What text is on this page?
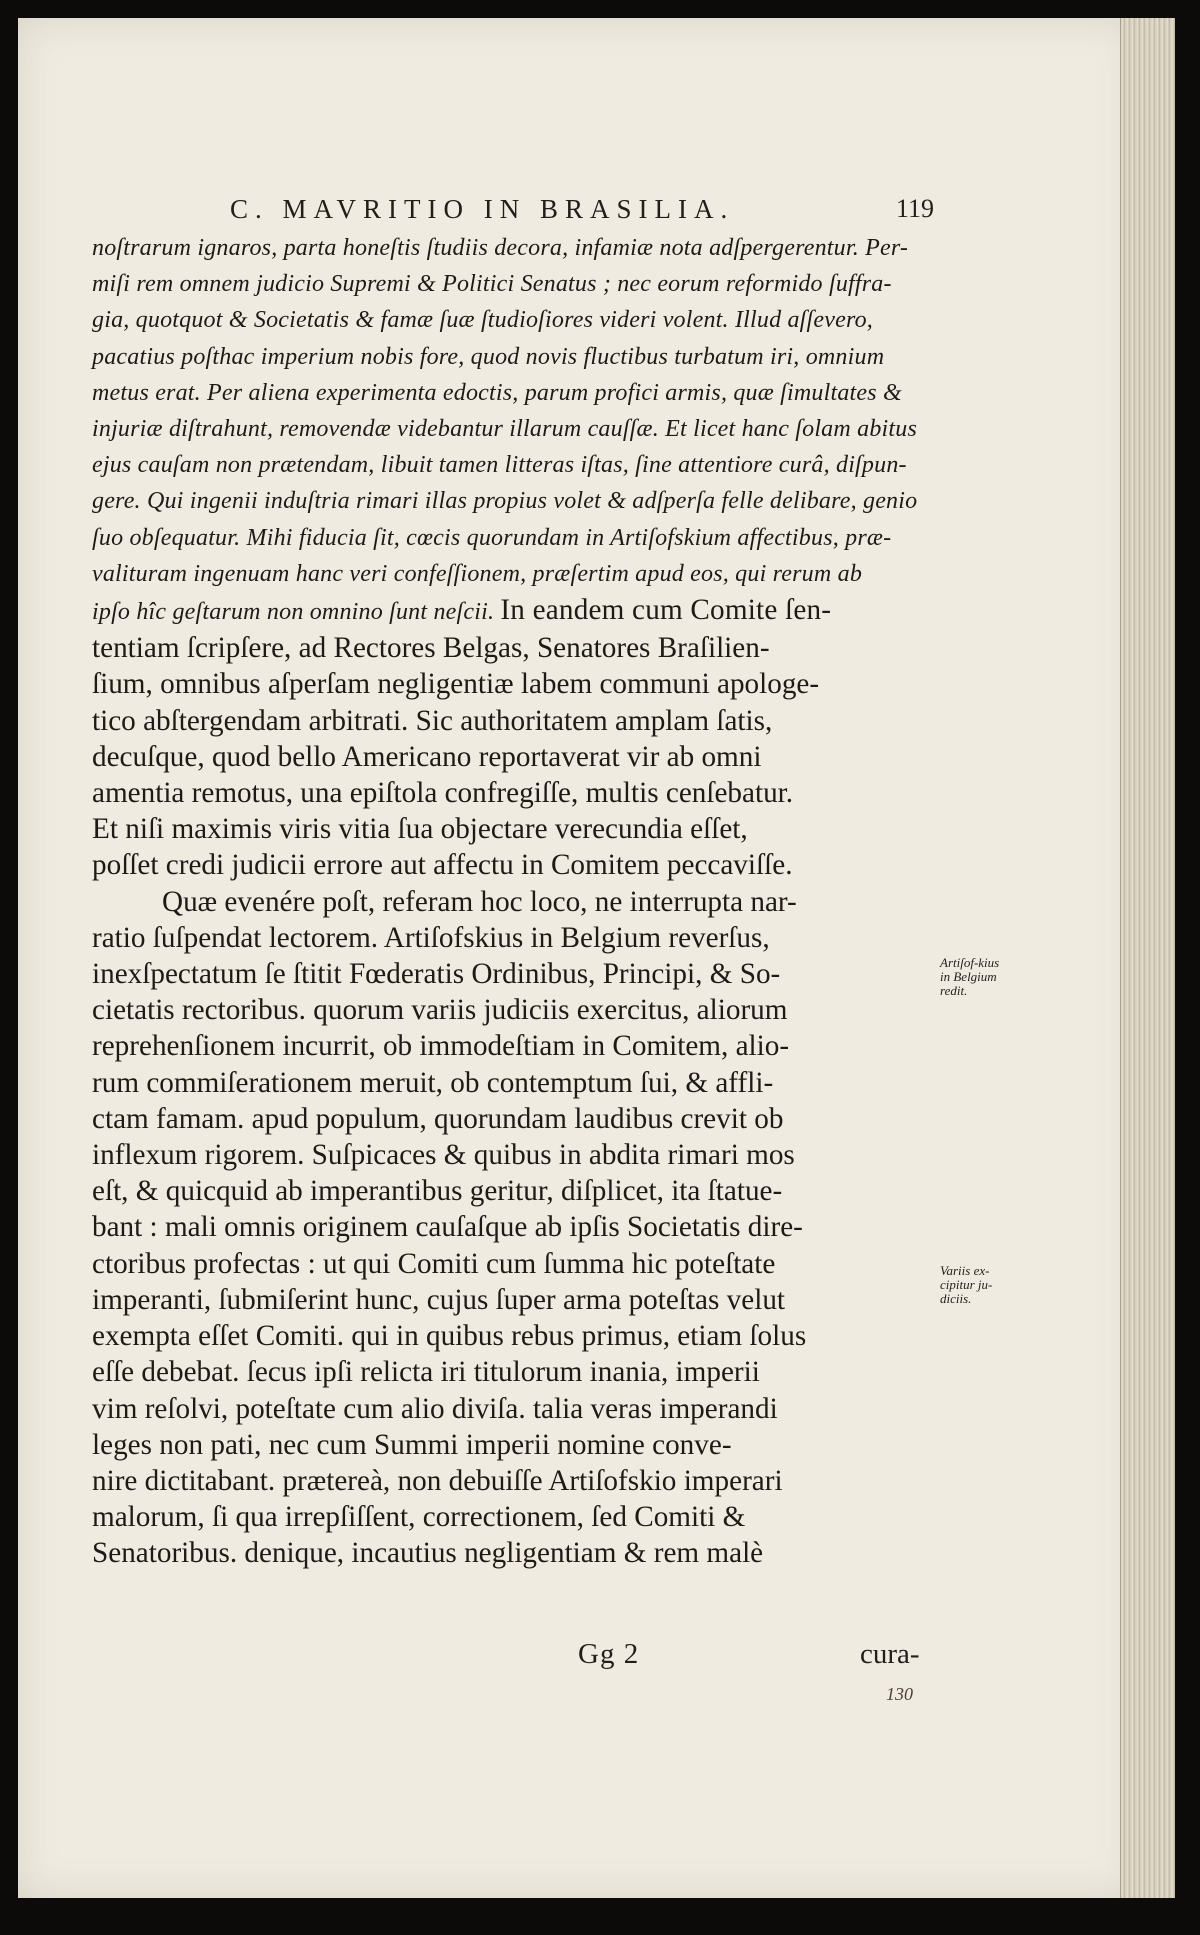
C. MAVRITIO IN BRASILIA.	119
noſtrarum ignaros, parta honeſtis ſtudiis decora, infamiæ nota adſpergerentur. Per-
miſi rem omnem judicio Supremi & Politici Senatus ; nec eorum reformido ſuffra-
gia, quotquot & Societatis & famæ ſuæ ſtudioſiores videri volent. Illud aſſevero,
pacatius poſthac imperium nobis fore, quod novis fluctibus turbatum iri, omnium
metus erat. Per aliena experimenta edoctis, parum profici armis, quæ ſimultates &
injuriæ diſtrahunt, removendæ videbantur illarum cauſſæ. Et licet hanc ſolam abitus
ejus cauſam non prætendam, libuit tamen litteras iſtas, ſine attentiore curâ, diſpun-
gere. Qui ingenii induſtria rimari illas propius volet & adſperſa felle delibare, genio
ſuo obſequatur. Mihi fiducia ſit, cœcis quorundam in Artiſofskium affectibus, præ-
valituram ingenuam hanc veri confeſſionem, præſertim apud eos, qui rerum ab
ipſo hîc geſtarum non omnino ſunt neſcii. In eandem cum Comite ſen-
tentiam ſcripſere, ad Rectores Belgas, Senatores Braſilien-
ſium, omnibus aſperſam negligentiæ labem communi apologe-
tico abſtergendam arbitrati. Sic authoritatem amplam ſatis,
decuſque, quod bello Americano reportaverat vir ab omni
amentia remotus, una epiſtola confregiſſe, multis cenſebatur.
Et niſi maximis viris vitia ſua objectare verecundia eſſet,
poſſet credi judicii errore aut affectu in Comitem peccaviſſe.
Quæ evenére poſt, referam hoc loco, ne interrupta nar-
ratio ſuſpendat lectorem. Artiſofskius in Belgium reverſus,
inexſpectatum ſe ſtitit Fœderatis Ordinibus, Principi, & So-
cietatis rectoribus. quorum variis judiciis exercitus, aliorum
reprehenſionem incurrit, ob immodeſtiam in Comitem, alio-
rum commiſerationem meruit, ob contemptum ſui, & affli-
ctam famam. apud populum, quorundam laudibus crevit ob
inflexum rigorem. Suſpicaces & quibus in abdita rimari mos
eſt, & quicquid ab imperantibus geritur, diſplicet, ita ſtatue-
bant : mali omnis originem cauſaſque ab ipſis Societatis dire-
ctoribus profectas : ut qui Comiti cum ſumma hic poteſtate
imperanti, ſubmiſerint hunc, cujus ſuper arma poteſtas velut
exempta eſſet Comiti. qui in quibus rebus primus, etiam ſolus
eſſe debebat. ſecus ipſi relicta iri titulorum inania, imperii
vim reſolvi, poteſtate cum alio diviſa. talia veras imperandi
leges non pati, nec cum Summi imperii nomine conve-
nire dictitabant. prætereà, non debuiſſe Artiſofskio imperari
malorum, ſi qua irrepſiſſent, correctionem, ſed Comiti &
Senatoribus. denique, incautius negligentiam & rem malè
Artiſof-kius in Belgium redit.
Variis ex-cipitur ju-diciis.
Gg 2	cura-
130
